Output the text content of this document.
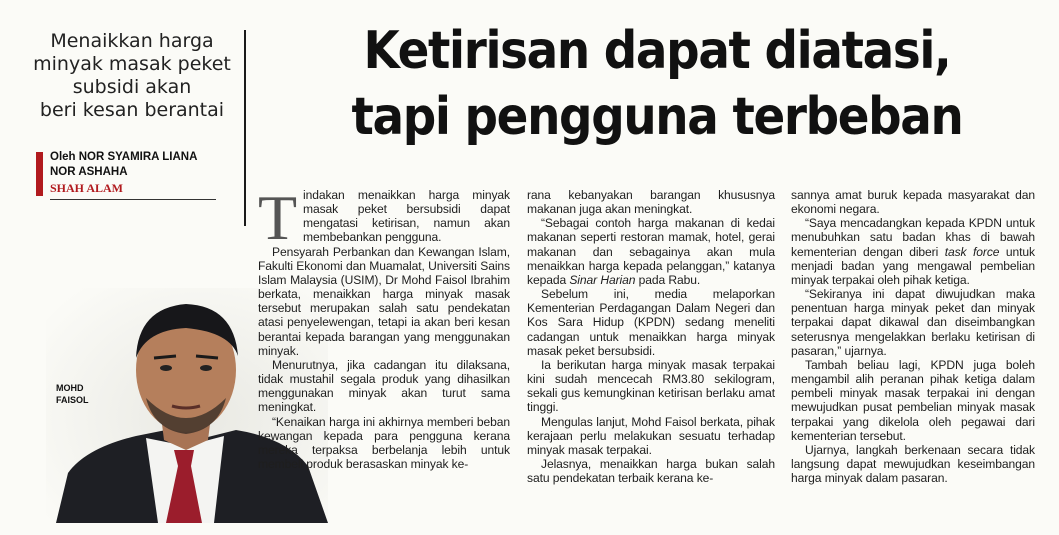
Menaikkan harga
minyak masak peket
subsidi akan
beri kesan berantai
Ketirisan dapat diatasi,
tapi pengguna terbeban
Oleh NOR SYAMIRA LIANA
NOR ASHAHA
SHAH ALAM
MOHD
FAISOL
T indakan menaikkan harga minyak masak peket bersubsidi dapat mengatasi ketirisan, namun akan membebankan pengguna.

Pensyarah Perbankan dan Kewangan Islam, Fakulti Ekonomi dan Muamalat, Universiti Sains Islam Malaysia (USIM), Dr Mohd Faisol Ibrahim berkata, menaikkan harga minyak masak tersebut merupakan salah satu pendekatan atasi penyelewengan, tetapi ia akan beri kesan berantai kepada barangan yang menggunakan minyak.

Menurutnya, jika cadangan itu dilaksana, tidak mustahil segala produk yang dihasilkan menggunakan minyak akan turut sama meningkat.

“Kenaikan harga ini akhirnya memberi beban kewangan kepada para pengguna kerana mereka terpaksa berbelanja lebih untuk membeli produk berasaskan minyak ke-

rana kebanyakan barangan khususnya makanan juga akan meningkat.

“Sebagai contoh harga makanan di kedai makanan seperti restoran mamak, hotel, gerai makanan dan sebagainya akan mula menaikkan harga kepada pelanggan,” katanya kepada Sinar Harian pada Rabu.

Sebelum ini, media melaporkan Kementerian Perdagangan Dalam Negeri dan Kos Sara Hidup (KPDN) sedang meneliti cadangan untuk menaikkan harga minyak masak peket bersubsidi.

Ia berikutan harga minyak masak terpakai kini sudah mencecah RM3.80 sekilogram, sekali gus kemungkinan ketirisan berlaku amat tinggi.

Mengulas lanjut, Mohd Faisol berkata, pihak kerajaan perlu melakukan sesuatu terhadap minyak masak terpakai.

Jelasnya, menaikkan harga bukan salah satu pendekatan terbaik kerana ke-

sannya amat buruk kepada masyarakat dan ekonomi negara.

“Saya mencadangkan kepada KPDN untuk menubuhkan satu badan khas di bawah kementerian dengan diberi task force untuk menjadi badan yang mengawal pembelian minyak terpakai oleh pihak ketiga.

“Sekiranya ini dapat diwujudkan maka penentuan harga minyak peket dan minyak terpakai dapat dikawal dan diseimbangkan seterusnya mengelakkan berlaku ketirisan di pasaran,” ujarnya.

Tambah beliau lagi, KPDN juga boleh mengambil alih peranan pihak ketiga dalam pembeli minyak masak terpakai ini dengan mewujudkan pusat pembelian minyak masak terpakai yang dikelola oleh pegawai dari kementerian tersebut.

Ujarnya, langkah berkenaan secara tidak langsung dapat mewujudkan keseimbangan harga minyak dalam pasaran.
